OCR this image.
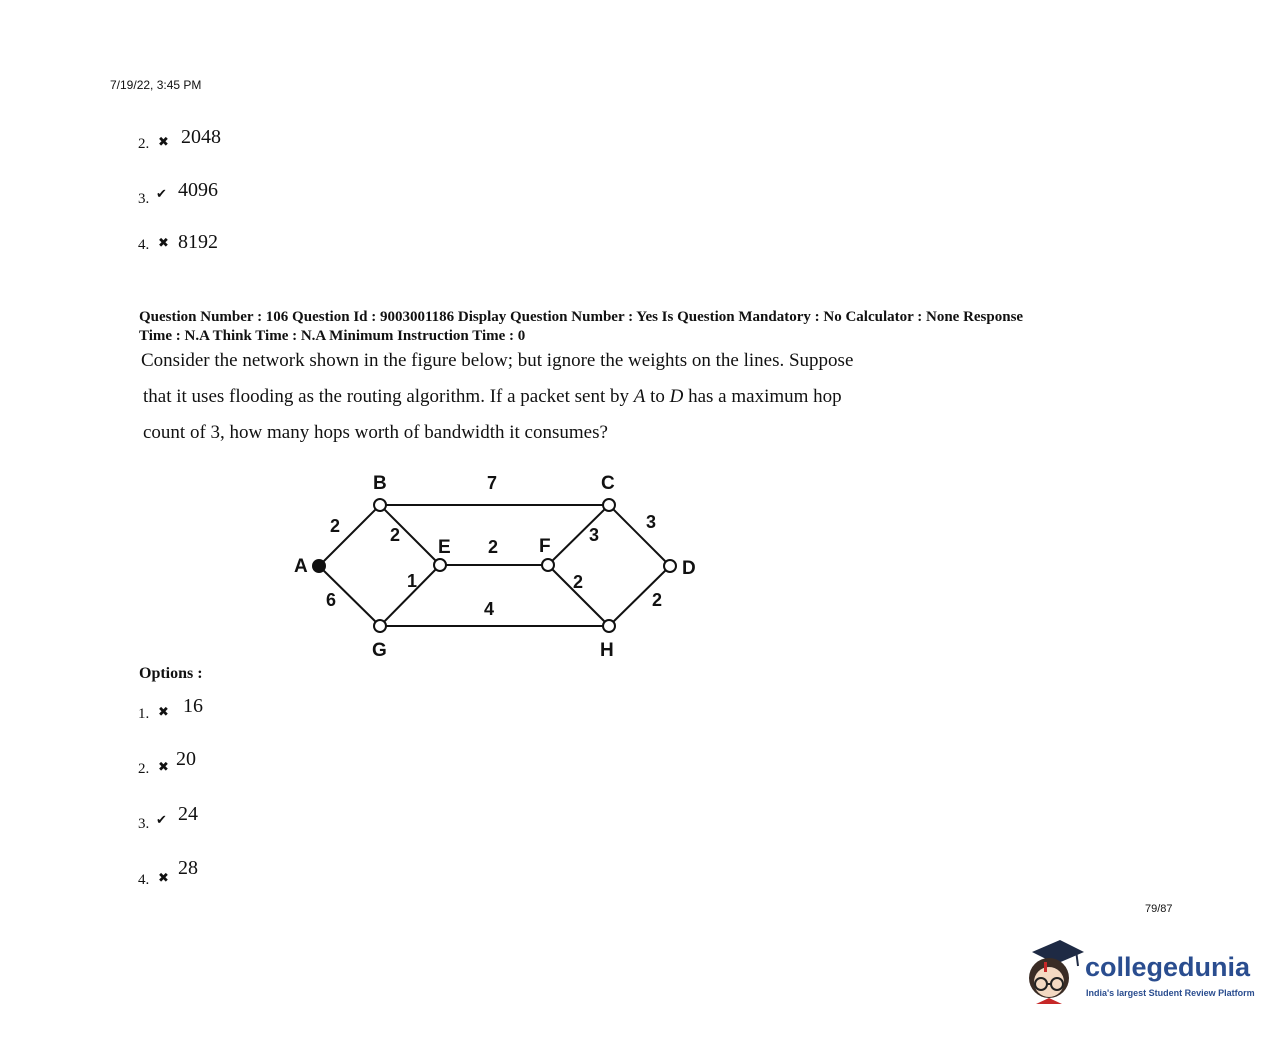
7/19/22, 3:45 PM
2. ✖ 2048
3. ✔ 4096
4. ✖ 8192
Question Number : 106 Question Id : 9003001186 Display Question Number : Yes Is Question Mandatory : No Calculator : None Response
Time : N.A Think Time : N.A Minimum Instruction Time : 0
Consider the network shown in the figure below; but ignore the weights on the lines. Suppose
that it uses flooding as the routing algorithm. If a packet sent by A to D has a maximum hop
count of 3, how many hops worth of bandwidth it consumes?
A
B	C
D
E	F
G	H
2
6
2
1
7
2
4
3
2
3
2
Options :
1. ✖ 16
2. ✖ 20
3. ✔ 24
4. ✖ 28
79/87
collegedunia
India's largest Student Review Platform
